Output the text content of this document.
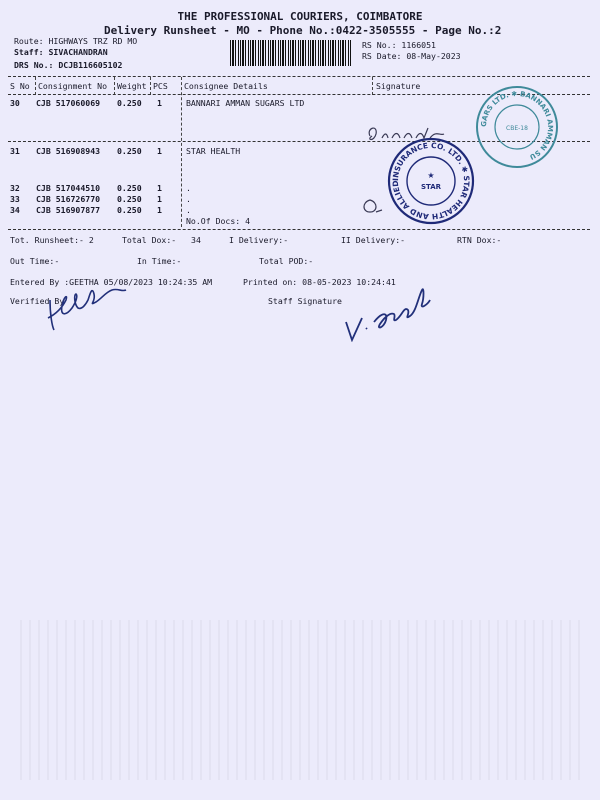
THE PROFESSIONAL COURIERS, COIMBATORE
Delivery Runsheet - MO - Phone No.:0422-3505555 - Page No.:2
Route: HIGHWAYS TRZ RD MO
Staff: SIVACHANDRAN
DRS No.: DCJB116605102
RS No.: 1166051
RS Date: 08-May-2023
S No Consignment No Weight PCS Consignee Details	Signature
30 CJB 517060069 0.250 1	BANNARI AMMAN SUGARS LTD
31 CJB 516908943 0.250 1	STAR HEALTH
32 CJB 517044510 0.250 1	.
33 CJB 516726770 0.250 1	.
34 CJB 516907877 0.250 1	.
No.Of Docs: 4
Tot. Runsheet:- 2	Total Dox:-   34	I Delivery:-	II Delivery:-	RTN Dox:-
Out Time:-	In Time:-	Total POD:-
Entered By :GEETHA 05/08/2023 10:24:35 AM	Printed on: 08-05-2023 10:24:41
Verified By	Staff Signature
GARS LTD. ✱ BANNARI AMMAN SU
CBE-18
INSURANCE CO. LTD. ✱ STAR HEALTH AND ALLIED
★
STAR
